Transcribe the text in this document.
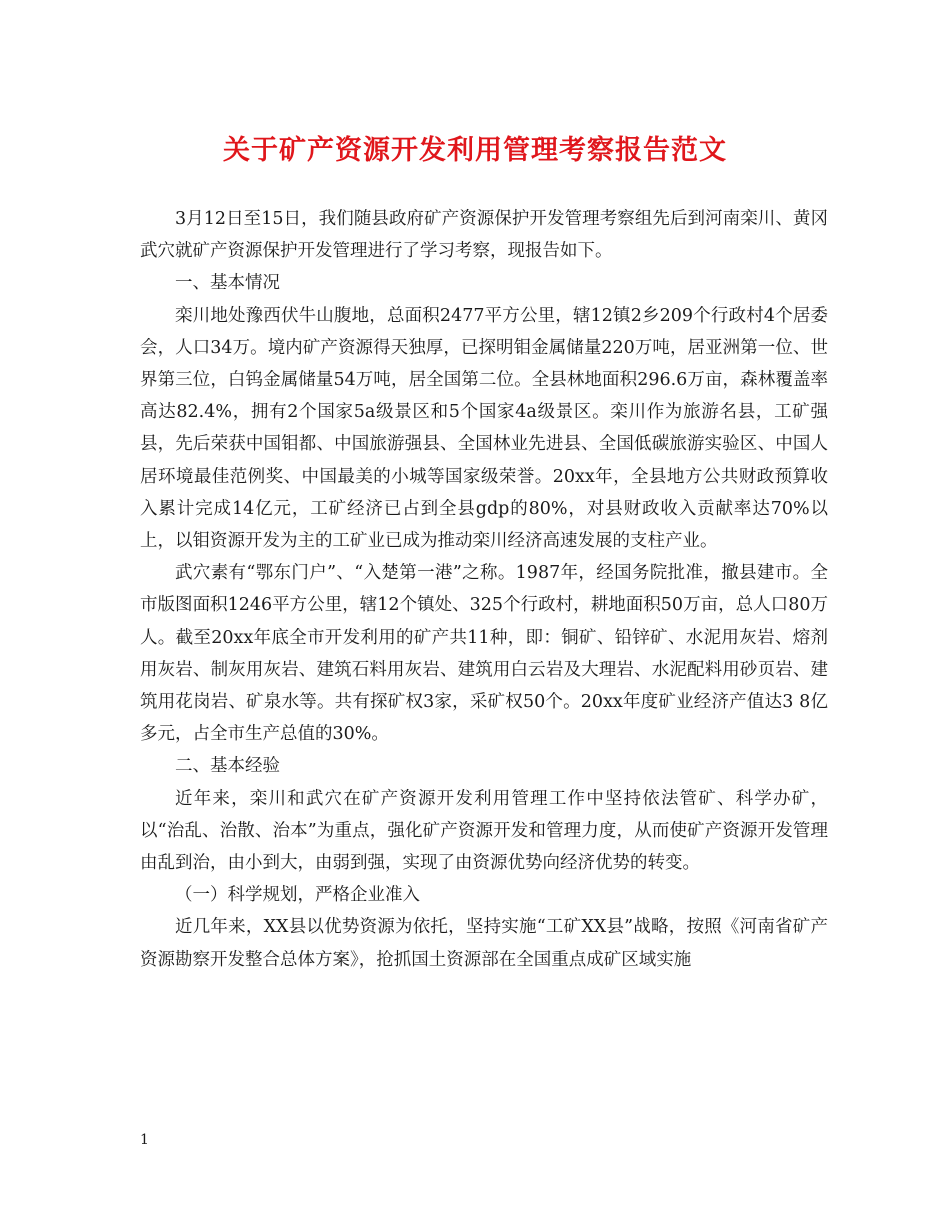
关于矿产资源开发利用管理考察报告范文

3月12日至15日，我们随县政府矿产资源保护开发管理考察组先后到河南栾川、黄冈武穴就矿产资源保护开发管理进行了学习考察，现报告如下。

一、基本情况

栾川地处豫西伏牛山腹地，总面积2477平方公里，辖12镇2乡209个行政村4个居委会，人口34万。境内矿产资源得天独厚，已探明钼金属储量220万吨，居亚洲第一位、世界第三位，白钨金属储量54万吨，居全国第二位。全县林地面积296.6万亩，森林覆盖率高达82.4%，拥有2个国家5a级景区和5个国家4a级景区。栾川作为旅游名县，工矿强县，先后荣获中国钼都、中国旅游强县、全国林业先进县、全国低碳旅游实验区、中国人居环境最佳范例奖、中国最美的小城等国家级荣誉。20xx年，全县地方公共财政预算收入累计完成14亿元，工矿经济已占到全县gdp的80%，对县财政收入贡献率达70%以上，以钼资源开发为主的工矿业已成为推动栾川经济高速发展的支柱产业。

武穴素有“鄂东门户”、“入楚第一港”之称。1987年，经国务院批准，撤县建市。全市版图面积1246平方公里，辖12个镇处、325个行政村，耕地面积50万亩，总人口80万人。截至20xx年底全市开发利用的矿产共11种，即：铜矿、铅锌矿、水泥用灰岩、熔剂用灰岩、制灰用灰岩、建筑石料用灰岩、建筑用白云岩及大理岩、水泥配料用砂页岩、建筑用花岗岩、矿泉水等。共有探矿权3家，采矿权50个。20xx年度矿业经济产值达3 8亿多元，占全市生产总值的30%。

二、基本经验

近年来，栾川和武穴在矿产资源开发利用管理工作中坚持依法管矿、科学办矿，以“治乱、治散、治本”为重点，强化矿产资源开发和管理力度，从而使矿产资源开发管理由乱到治，由小到大，由弱到强，实现了由资源优势向经济优势的转变。

（一）科学规划，严格企业准入

近几年来，XX县以优势资源为依托，坚持实施“工矿XX县”战略，按照《河南省矿产资源勘察开发整合总体方案》，抢抓国土资源部在全国重点成矿区域实施

1
